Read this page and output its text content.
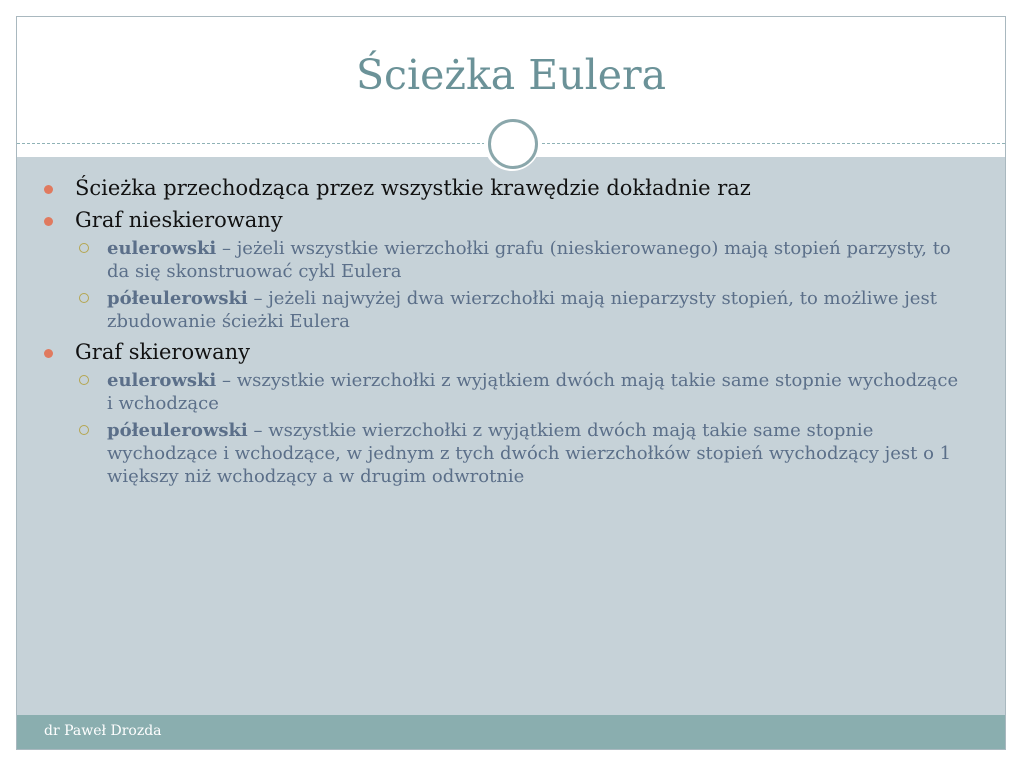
Ścieżka Eulera
Ścieżka przechodząca przez wszystkie krawędzie dokładnie raz
Graf nieskierowany
eulerowski – jeżeli wszystkie wierzchołki grafu (nieskierowanego) mają stopień parzysty, to da się skonstruować cykl Eulera
półeulerowski – jeżeli najwyżej dwa wierzchołki mają nieparzysty stopień, to możliwe jest zbudowanie ścieżki Eulera
Graf skierowany
eulerowski – wszystkie wierzchołki z wyjątkiem dwóch mają takie same stopnie wychodzące i wchodzące
półeulerowski – wszystkie wierzchołki z wyjątkiem dwóch mają takie same stopnie wychodzące i wchodzące, w jednym z tych dwóch wierzchołków stopień wychodzący jest o 1 większy niż wchodzący a w drugim odwrotnie
dr Paweł Drozda
